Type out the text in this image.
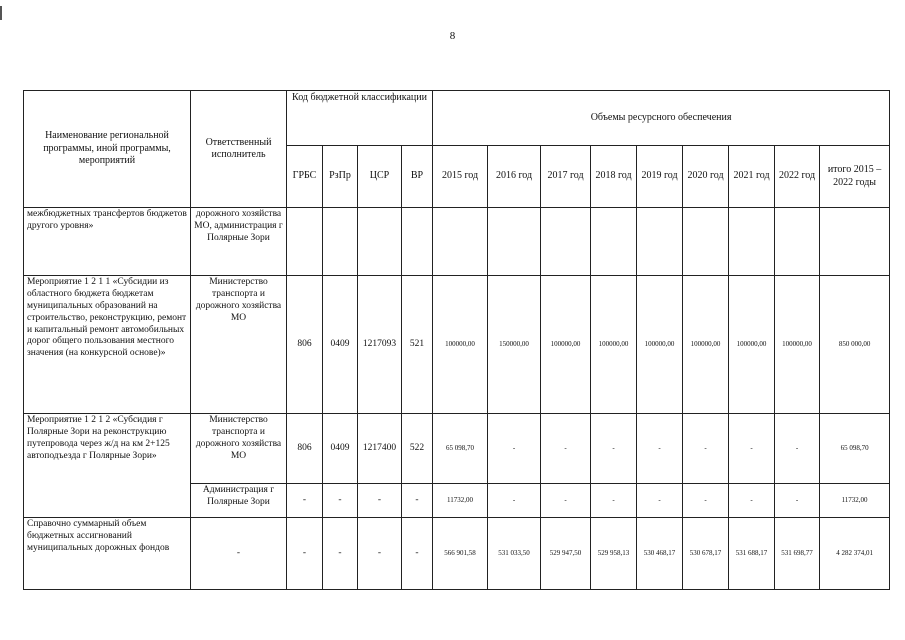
8
Наименование региональной программы, иной программы, мероприятий	Ответственный исполнитель	Код бюджетной классификации				Объемы ресурсного обеспечения								
		ГРБС	РзПр	ЦСР	ВР	2015 год	2016 год	2017 год	2018 год	2019 год	2020 год	2021 год	2022 год	итого 2015 – 2022 годы
межбюджетных трансфертов бюджетов другого уровня»	дорожного хозяйства МО, администрация г Полярные Зори													
Мероприятие 1 2 1 1 «Субсидии из областного бюджета бюджетам муниципальных образований на строительство, реконструкцию, ремонт и капитальный ремонт автомобильных дорог общего пользования местного значения (на конкурсной основе)»	Министерство транспорта и дорожного хозяйства МО	806	0409	1217093	521	100000,00	150000,00	100000,00	100000,00	100000,00	100000,00	100000,00	100000,00	850 000,00
Мероприятие 1 2 1 2 «Субсидия г Полярные Зори на реконструкцию путепровода через ж/д на км 2+125 автоподъезда г Полярные Зори»	Министерство транспорта и дорожного хозяйства МО	806	0409	1217400	522	65 098,70	-	-	-	-	-	-	-	65 098,70
	Администрация г Полярные Зори	-	-	-	-	11732,00	-	-	-	-	-	-	-	11732,00
Справочно суммарный объем бюджетных ассигнований муниципальных дорожных фондов	-	-	-	-	-	566 901,58	531 033,50	529 947,50	529 958,13	530 468,17	530 678,17	531 688,17	531 698,77	4 282 374,01
